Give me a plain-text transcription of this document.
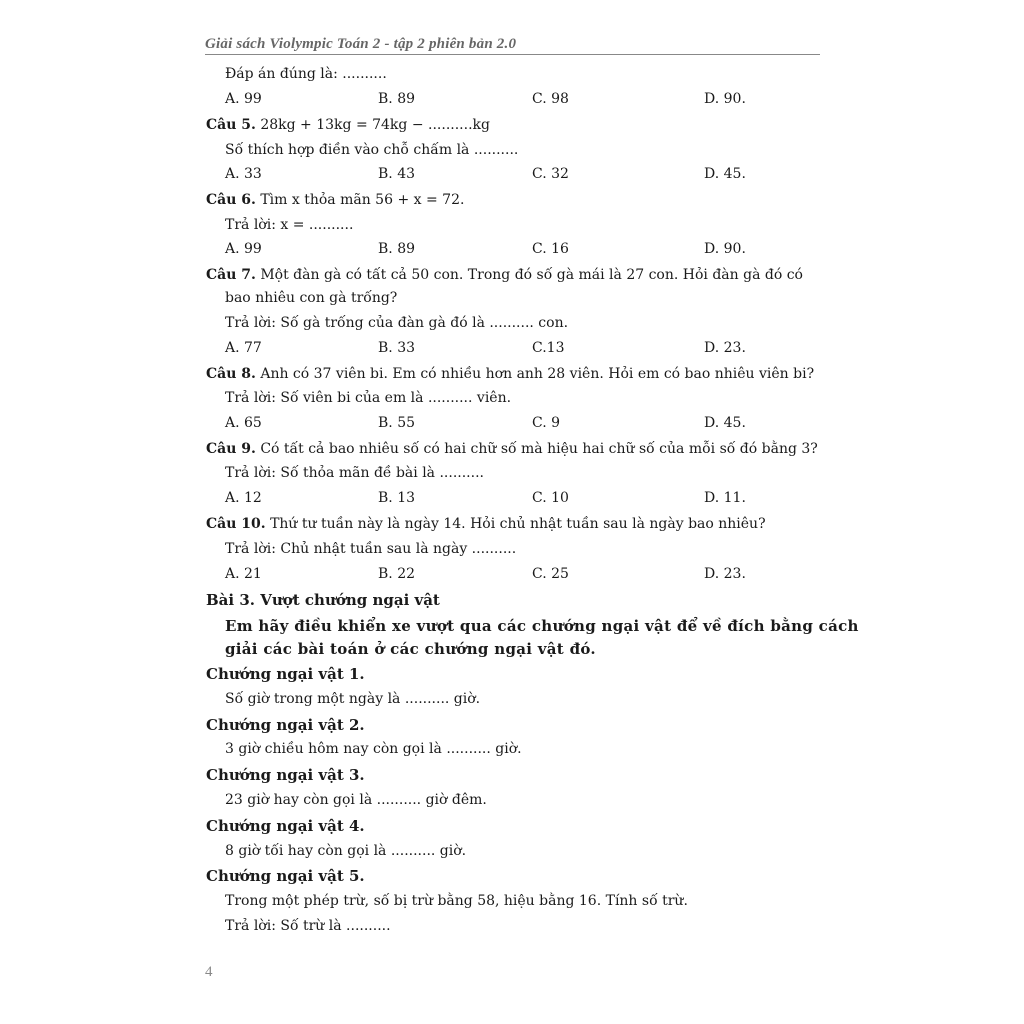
Giải sách Violympic Toán 2 - tập 2 phiên bản 2.0
Đáp án đúng là: ..........
A. 99	B. 89	C. 98	D. 90.
Câu 5. 28kg + 13kg = 74kg − ..........kg
Số thích hợp điền vào chỗ chấm là ..........
A. 33	B. 43	C. 32	D. 45.
Câu 6. Tìm x thỏa mãn 56 + x = 72.
Trả lời: x = ..........
A. 99	B. 89	C. 16	D. 90.
Câu 7. Một đàn gà có tất cả 50 con. Trong đó số gà mái là 27 con. Hỏi đàn gà đó có
bao nhiêu con gà trống?
Trả lời: Số gà trống của đàn gà đó là .......... con.
A. 77	B. 33	C.13	D. 23.
Câu 8. Anh có 37 viên bi. Em có nhiều hơn anh 28 viên. Hỏi em có bao nhiêu viên bi?
Trả lời: Số viên bi của em là .......... viên.
A. 65	B. 55	C. 9	D. 45.
Câu 9. Có tất cả bao nhiêu số có hai chữ số mà hiệu hai chữ số của mỗi số đó bằng 3?
Trả lời: Số thỏa mãn đề bài là ..........
A. 12	B. 13	C. 10	D. 11.
Câu 10. Thứ tư tuần này là ngày 14. Hỏi chủ nhật tuần sau là ngày bao nhiêu?
Trả lời: Chủ nhật tuần sau là ngày ..........
A. 21	B. 22	C. 25	D. 23.
Bài 3. Vượt chướng ngại vật
Em hãy điều khiển xe vượt qua các chướng ngại vật để về đích bằng cách
giải các bài toán ở các chướng ngại vật đó.
Chướng ngại vật 1.
Số giờ trong một ngày là .......... giờ.
Chướng ngại vật 2.
3 giờ chiều hôm nay còn gọi là .......... giờ.
Chướng ngại vật 3.
23 giờ hay còn gọi là .......... giờ đêm.
Chướng ngại vật 4.
8 giờ tối hay còn gọi là .......... giờ.
Chướng ngại vật 5.
Trong một phép trừ, số bị trừ bằng 58, hiệu bằng 16. Tính số trừ.
Trả lời: Số trừ là ..........
4
